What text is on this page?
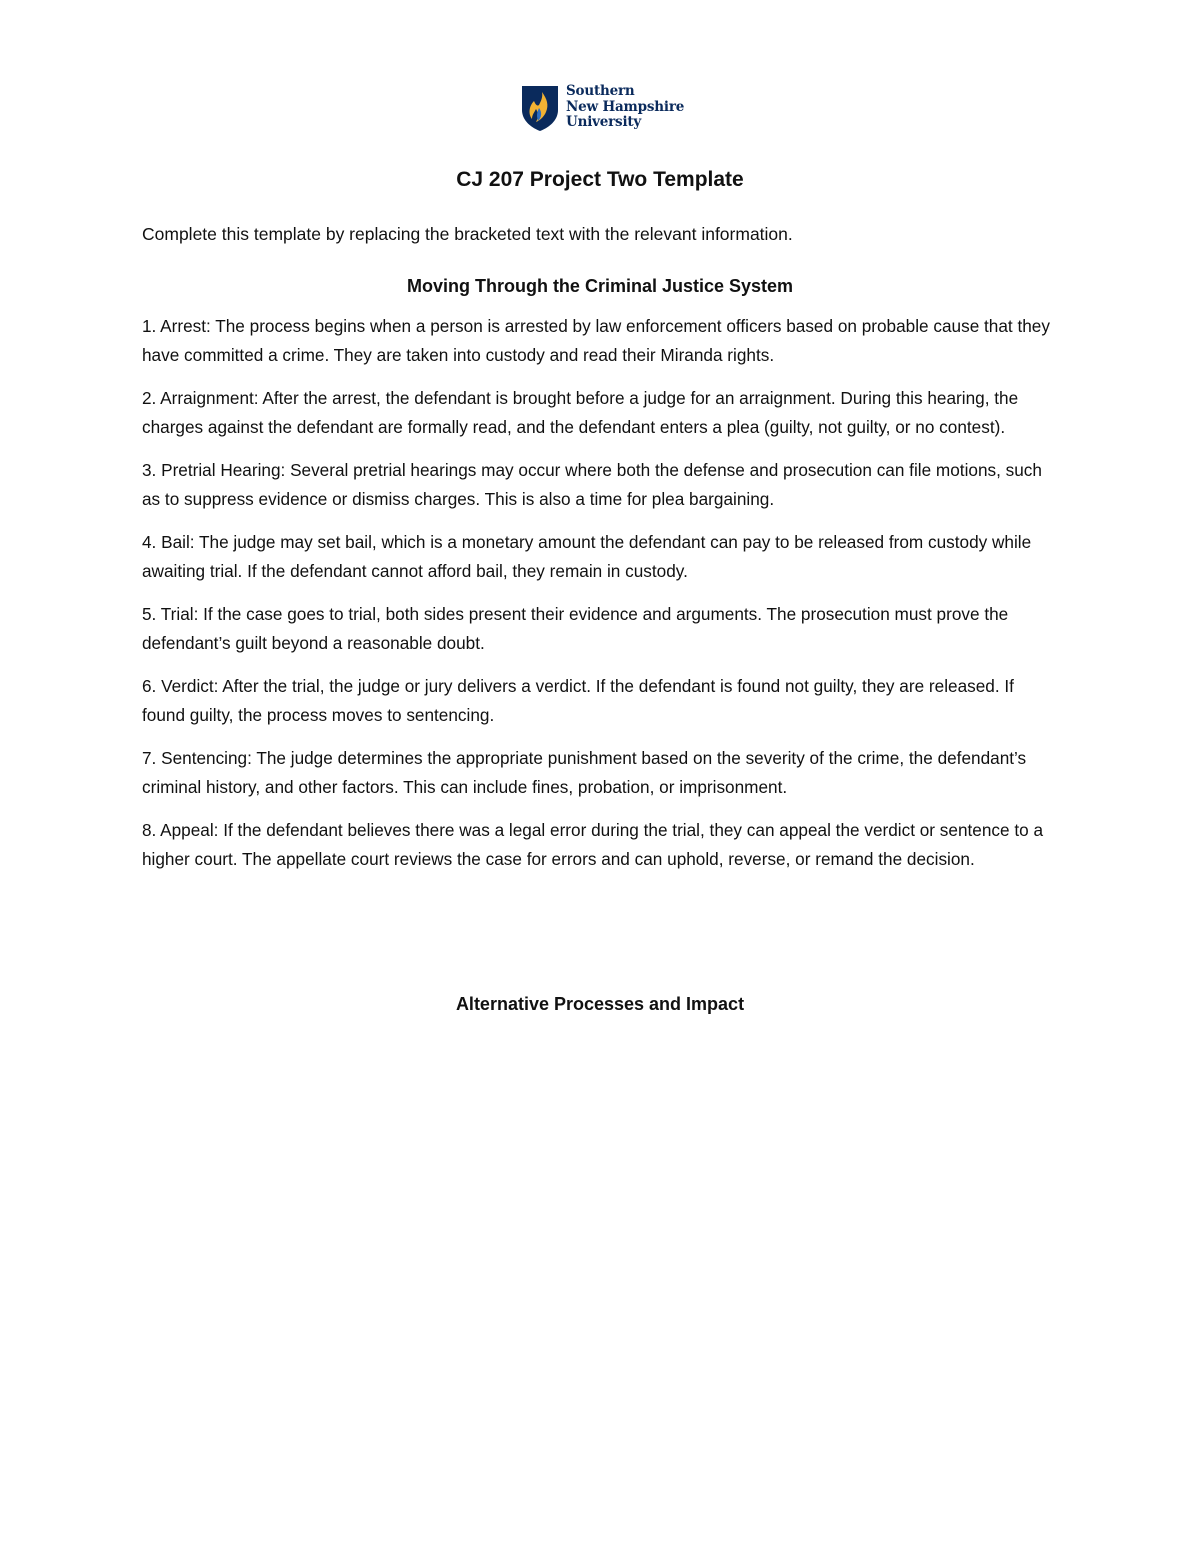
Southern
New Hampshire
University
CJ 207 Project Two Template

Complete this template by replacing the bracketed text with the relevant information.

Moving Through the Criminal Justice System
1. Arrest: The process begins when a person is arrested by law enforcement officers based on probable cause that they have committed a crime. They are taken into custody and read their Miranda rights.
2. Arraignment: After the arrest, the defendant is brought before a judge for an arraignment. During this hearing, the charges against the defendant are formally read, and the defendant enters a plea (guilty, not guilty, or no contest).
3. Pretrial Hearing: Several pretrial hearings may occur where both the defense and prosecution can file motions, such as to suppress evidence or dismiss charges. This is also a time for plea bargaining.
4. Bail: The judge may set bail, which is a monetary amount the defendant can pay to be released from custody while awaiting trial. If the defendant cannot afford bail, they remain in custody.
5. Trial: If the case goes to trial, both sides present their evidence and arguments. The prosecution must prove the defendant’s guilt beyond a reasonable doubt.
6. Verdict: After the trial, the judge or jury delivers a verdict. If the defendant is found not guilty, they are released. If found guilty, the process moves to sentencing.
7. Sentencing: The judge determines the appropriate punishment based on the severity of the crime, the defendant’s criminal history, and other factors. This can include fines, probation, or imprisonment.
8. Appeal: If the defendant believes there was a legal error during the trial, they can appeal the verdict or sentence to a higher court. The appellate court reviews the case for errors and can uphold, reverse, or remand the decision.
Alternative Processes and Impact
